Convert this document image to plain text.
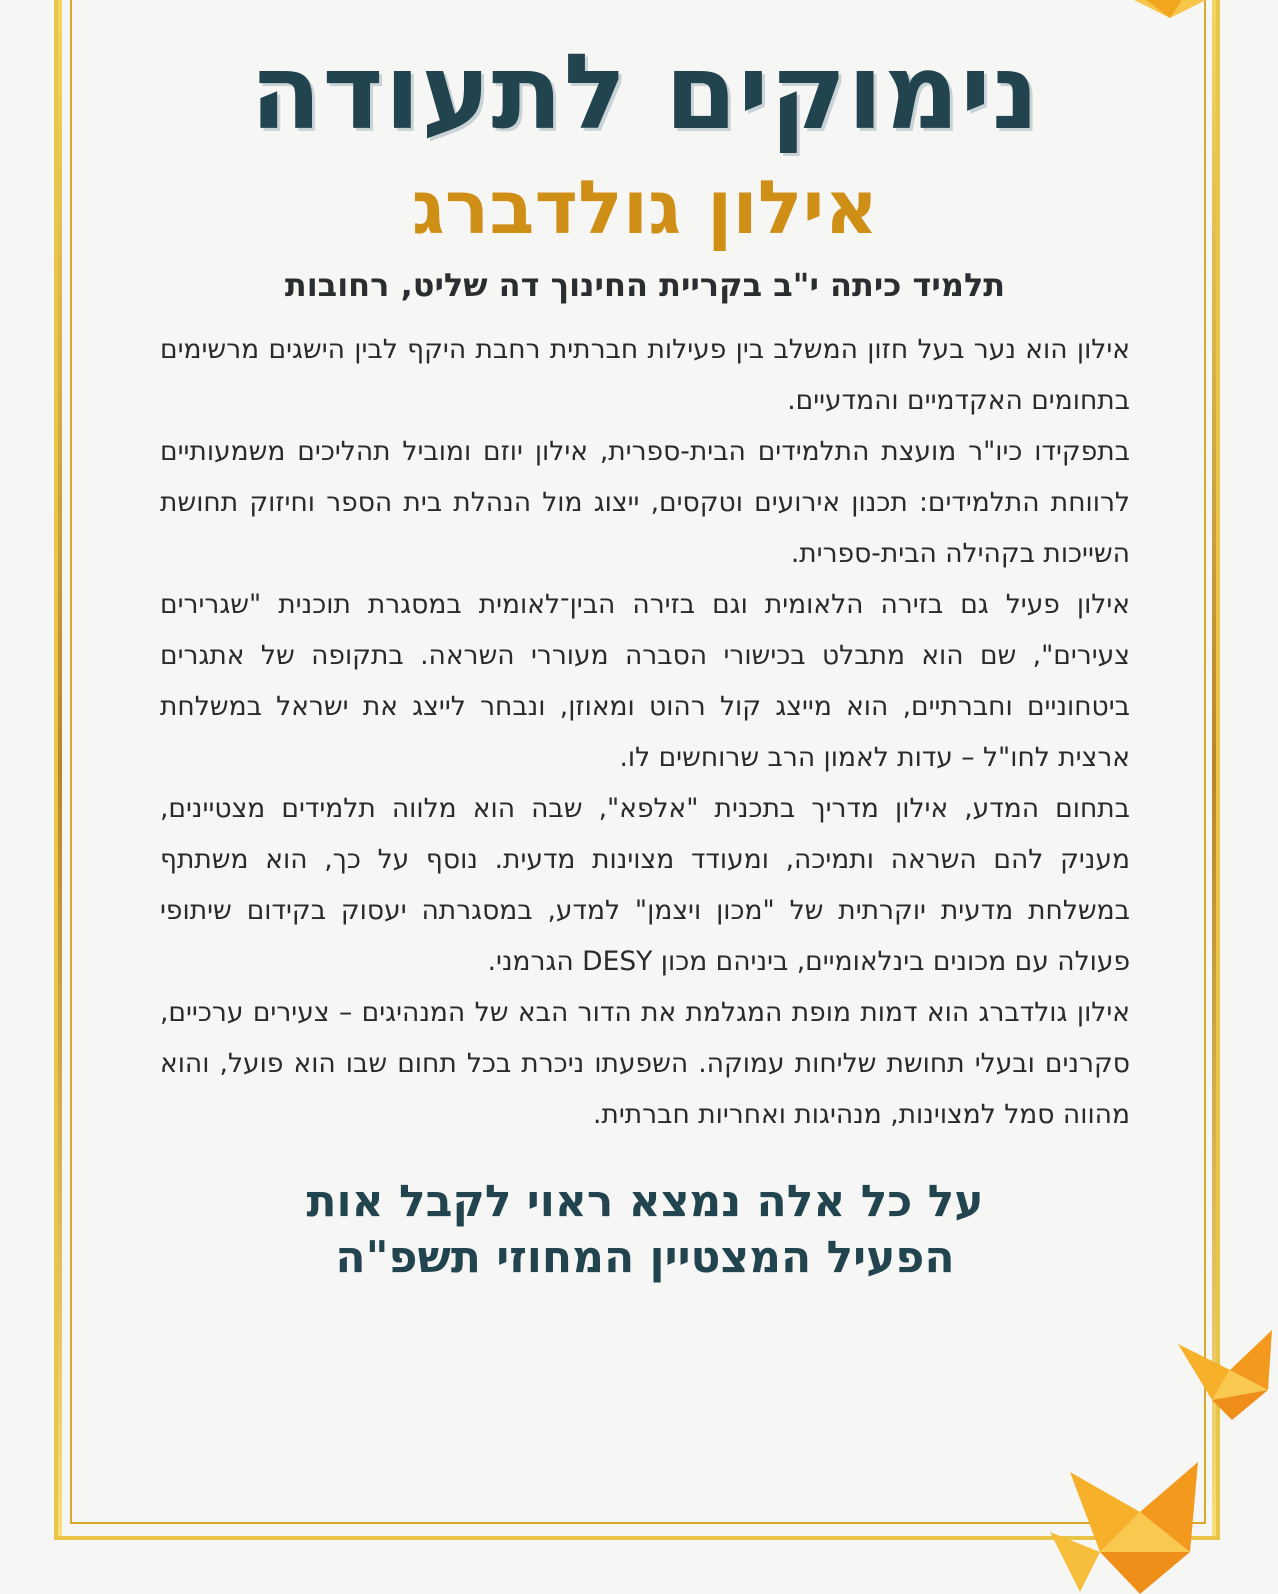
נימוקים לתעודה
אילון גולדברג
תלמיד כיתה י"ב בקריית החינוך דה שליט, רחובות

אילון הוא נער בעל חזון המשלב בין פעילות חברתית רחבת היקף לבין הישגים מרשימים בתחומים האקדמיים והמדעיים.

בתפקידו כיו"ר מועצת התלמידים הבית-ספרית, אילון יוזם ומוביל תהליכים משמעותיים לרווחת התלמידים: תכנון אירועים וטקסים, ייצוג מול הנהלת בית הספר וחיזוק תחושת השייכות בקהילה הבית-ספרית.

אילון פעיל גם בזירה הלאומית וגם בזירה הבין־לאומית במסגרת תוכנית "שגרירים צעירים", שם הוא מתבלט בכישורי הסברה מעוררי השראה. בתקופה של אתגרים ביטחוניים וחברתיים, הוא מייצג קול רהוט ומאוזן, ונבחר לייצג את ישראל במשלחת ארצית לחו"ל – עדות לאמון הרב שרוחשים לו.

בתחום המדע, אילון מדריך בתכנית "אלפא", שבה הוא מלווה תלמידים מצטיינים, מעניק להם השראה ותמיכה, ומעודד מצוינות מדעית. נוסף על כך, הוא משתתף במשלחת מדעית יוקרתית של "מכון ויצמן" למדע, במסגרתה יעסוק בקידום שיתופי פעולה עם מכונים בינלאומיים, ביניהם מכון DESY הגרמני.

אילון גולדברג הוא דמות מופת המגלמת את הדור הבא של המנהיגים – צעירים ערכיים, סקרנים ובעלי תחושת שליחות עמוקה. השפעתו ניכרת בכל תחום שבו הוא פועל, והוא מהווה סמל למצוינות, מנהיגות ואחריות חברתית.

על כל אלה נמצא ראוי לקבל אות
הפעיל המצטיין המחוזי תשפ"ה
